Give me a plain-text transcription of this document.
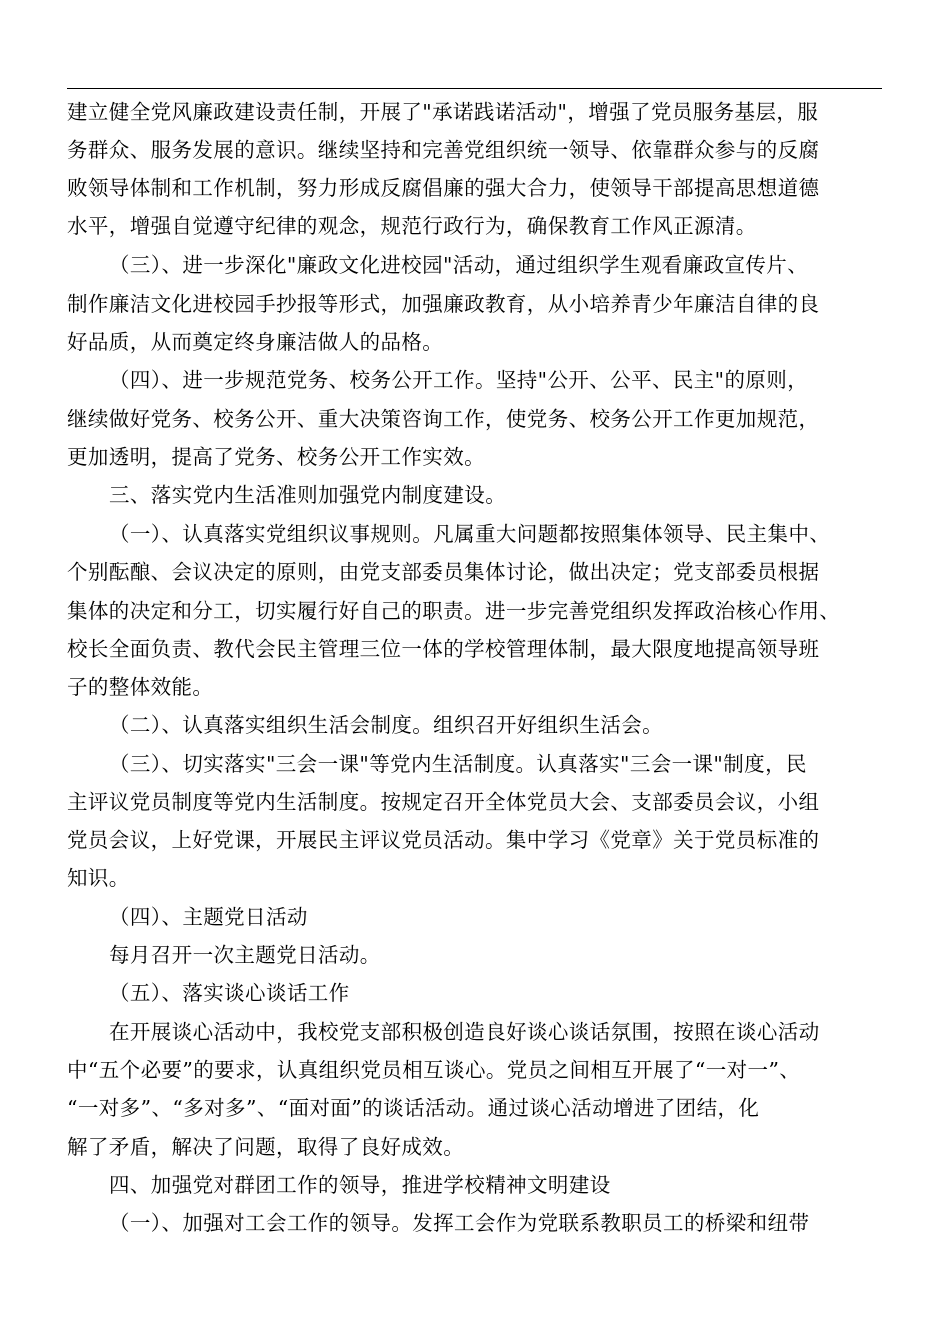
建立健全党风廉政建设责任制，开展了"承诺践诺活动"，增强了党员服务基层，服
务群众、服务发展的意识。继续坚持和完善党组织统一领导、依靠群众参与的反腐
败领导体制和工作机制，努力形成反腐倡廉的强大合力，使领导干部提高思想道德
水平，增强自觉遵守纪律的观念，规范行政行为，确保教育工作风正源清。
（三）、进一步深化"廉政文化进校园"活动，通过组织学生观看廉政宣传片、
制作廉洁文化进校园手抄报等形式，加强廉政教育，从小培养青少年廉洁自律的良
好品质，从而奠定终身廉洁做人的品格。
（四）、进一步规范党务、校务公开工作。坚持"公开、公平、民主"的原则，
继续做好党务、校务公开、重大决策咨询工作，使党务、校务公开工作更加规范，
更加透明，提高了党务、校务公开工作实效。
三、落实党内生活准则加强党内制度建设。
（一）、认真落实党组织议事规则。凡属重大问题都按照集体领导、民主集中、
个别酝酿、会议决定的原则，由党支部委员集体讨论，做出决定；党支部委员根据
集体的决定和分工，切实履行好自己的职责。进一步完善党组织发挥政治核心作用、
校长全面负责、教代会民主管理三位一体的学校管理体制，最大限度地提高领导班
子的整体效能。
（二）、认真落实组织生活会制度。组织召开好组织生活会。
（三）、切实落实"三会一课"等党内生活制度。认真落实"三会一课"制度，民
主评议党员制度等党内生活制度。按规定召开全体党员大会、支部委员会议，小组
党员会议，上好党课，开展民主评议党员活动。集中学习《党章》关于党员标准的
知识。
（四）、主题党日活动
每月召开一次主题党日活动。
（五）、落实谈心谈话工作
在开展谈心活动中，我校党支部积极创造良好谈心谈话氛围，按照在谈心活动
中“五个必要”的要求，认真组织党员相互谈心。党员之间相互开展了“一对一”、
“一对多”、“多对多”、“面对面”的谈话活动。通过谈心活动增进了团结，化
解了矛盾，解决了问题，取得了良好成效。
四、加强党对群团工作的领导，推进学校精神文明建设
（一）、加强对工会工作的领导。发挥工会作为党联系教职员工的桥梁和纽带
